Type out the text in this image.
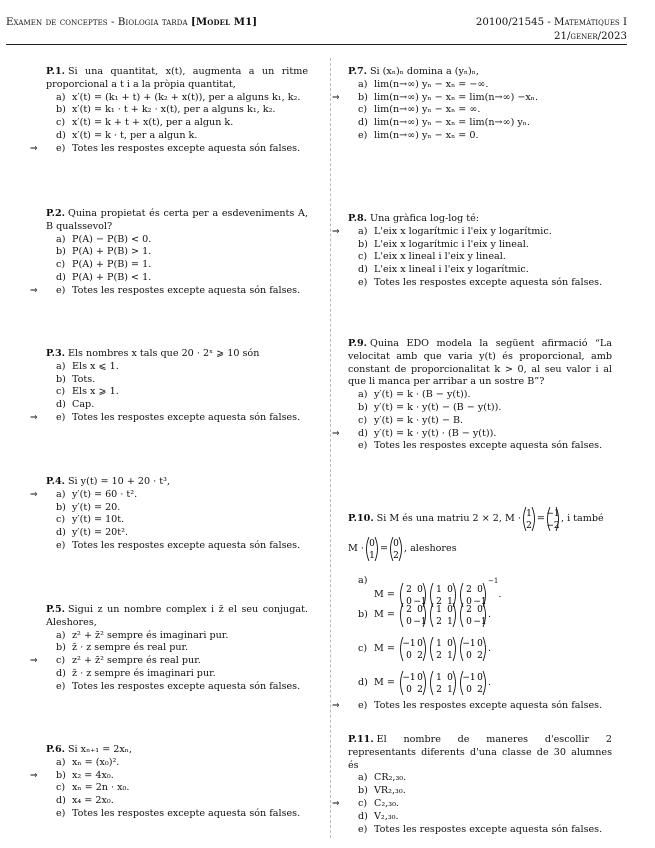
Examen de conceptes - Biologia tarda [Model M1]	20100/21545 - Matemàtiques I
21/gener/2023
P.1. Si una quantitat, x(t), augmenta a un ritme proporcional a t i a la pròpia quantitat,
a) x′(t) = (k₁ + t) + (k₂ + x(t)), per a alguns k₁, k₂.
b) x′(t) = k₁ · t + k₂ · x(t), per a alguns k₁, k₂.
c) x′(t) = k + t + x(t), per a algun k.
d) x′(t) = k · t, per a algun k.
⇒ e) Totes les respostes excepte aquesta són falses.
P.2. Quina propietat és certa per a esdeveniments A, B qualssevol?
a) P(A) − P(B) < 0.
b) P(A) + P(B) > 1.
c) P(A) + P(B) = 1.
d) P(A) + P(B) < 1.
⇒ e) Totes les respostes excepte aquesta són falses.
P.3. Els nombres x tals que 20 · 2ˣ ⩾ 10 són
a) Els x ⩽ 1.
b) Tots.
c) Els x ⩾ 1.
d) Cap.
⇒ e) Totes les respostes excepte aquesta són falses.
P.4. Si y(t) = 10 + 20 · t³,
⇒ a) y′(t) = 60 · t².
b) y′(t) = 20.
c) y′(t) = 10t.
d) y′(t) = 20t².
e) Totes les respostes excepte aquesta són falses.
P.5. Sigui z un nombre complex i z̄ el seu conjugat. Aleshores,
a) z² + z̄² sempre és imaginari pur.
b) z̄ · z sempre és real pur.
⇒ c) z² + z̄² sempre és real pur.
d) z̄ · z sempre és imaginari pur.
e) Totes les respostes excepte aquesta són falses.
P.6. Si xₙ₊₁ = 2xₙ,
a) xₙ = (x₀)².
⇒ b) x₂ = 4x₀.
c) xₙ = 2n · x₀.
d) x₄ = 2x₀.
e) Totes les respostes excepte aquesta són falses.
P.7. Si (xₙ)ₙ domina a (yₙ)ₙ,
a) lim(n→∞) yₙ − xₙ = −∞.
⇒ b) lim(n→∞) yₙ − xₙ = lim(n→∞) −xₙ.
c) lim(n→∞) yₙ − xₙ = ∞.
d) lim(n→∞) yₙ − xₙ = lim(n→∞) yₙ.
e) lim(n→∞) yₙ − xₙ = 0.
P.8. Una gràfica log-log té:
⇒ a) L'eix x logarítmic i l'eix y logarítmic.
b) L'eix x logarítmic i l'eix y lineal.
c) L'eix x lineal i l'eix y lineal.
d) L'eix x lineal i l'eix y logarítmic.
e) Totes les respostes excepte aquesta són falses.
P.9. Quina EDO modela la següent afirmació “La velocitat amb que varia y(t) és proporcional, amb constant de proporcionalitat k > 0, al seu valor i al que li manca per arribar a un sostre B”?
a) y′(t) = k · (B − y(t)).
b) y′(t) = k · y(t) − (B − y(t)).
c) y′(t) = k · y(t) − B.
⇒ d) y′(t) = k · y(t) · (B − y(t)).
e) Totes les respostes excepte aquesta són falses.
P.10. Si M és una matriu 2 × 2, M · 1
2
= −1
−2
, i també
M · 0
1
= 0
2
, aleshores
a)
M = 2 0
0 −1
1 0
2 1
2 0
0 −1
$^{-1}$.
b) M = 2 0
0 −1
1 0
2 1
2 0
0 −1
.
c) M = −1 0
0 2
1 0
2 1
−1 0
0 2
.
d) M = −1 0
0 2
1 0
2 1
−1 0
0 2
.
⇒ e) Totes les respostes excepte aquesta són falses.
P.11. El nombre de maneres d'escollir 2 representants diferents d'una classe de 30 alumnes és
a) CR₂,₃₀.
b) VR₂,₃₀.
⇒ c) C₂,₃₀.
d) V₂,₃₀.
e) Totes les respostes excepte aquesta són falses.
